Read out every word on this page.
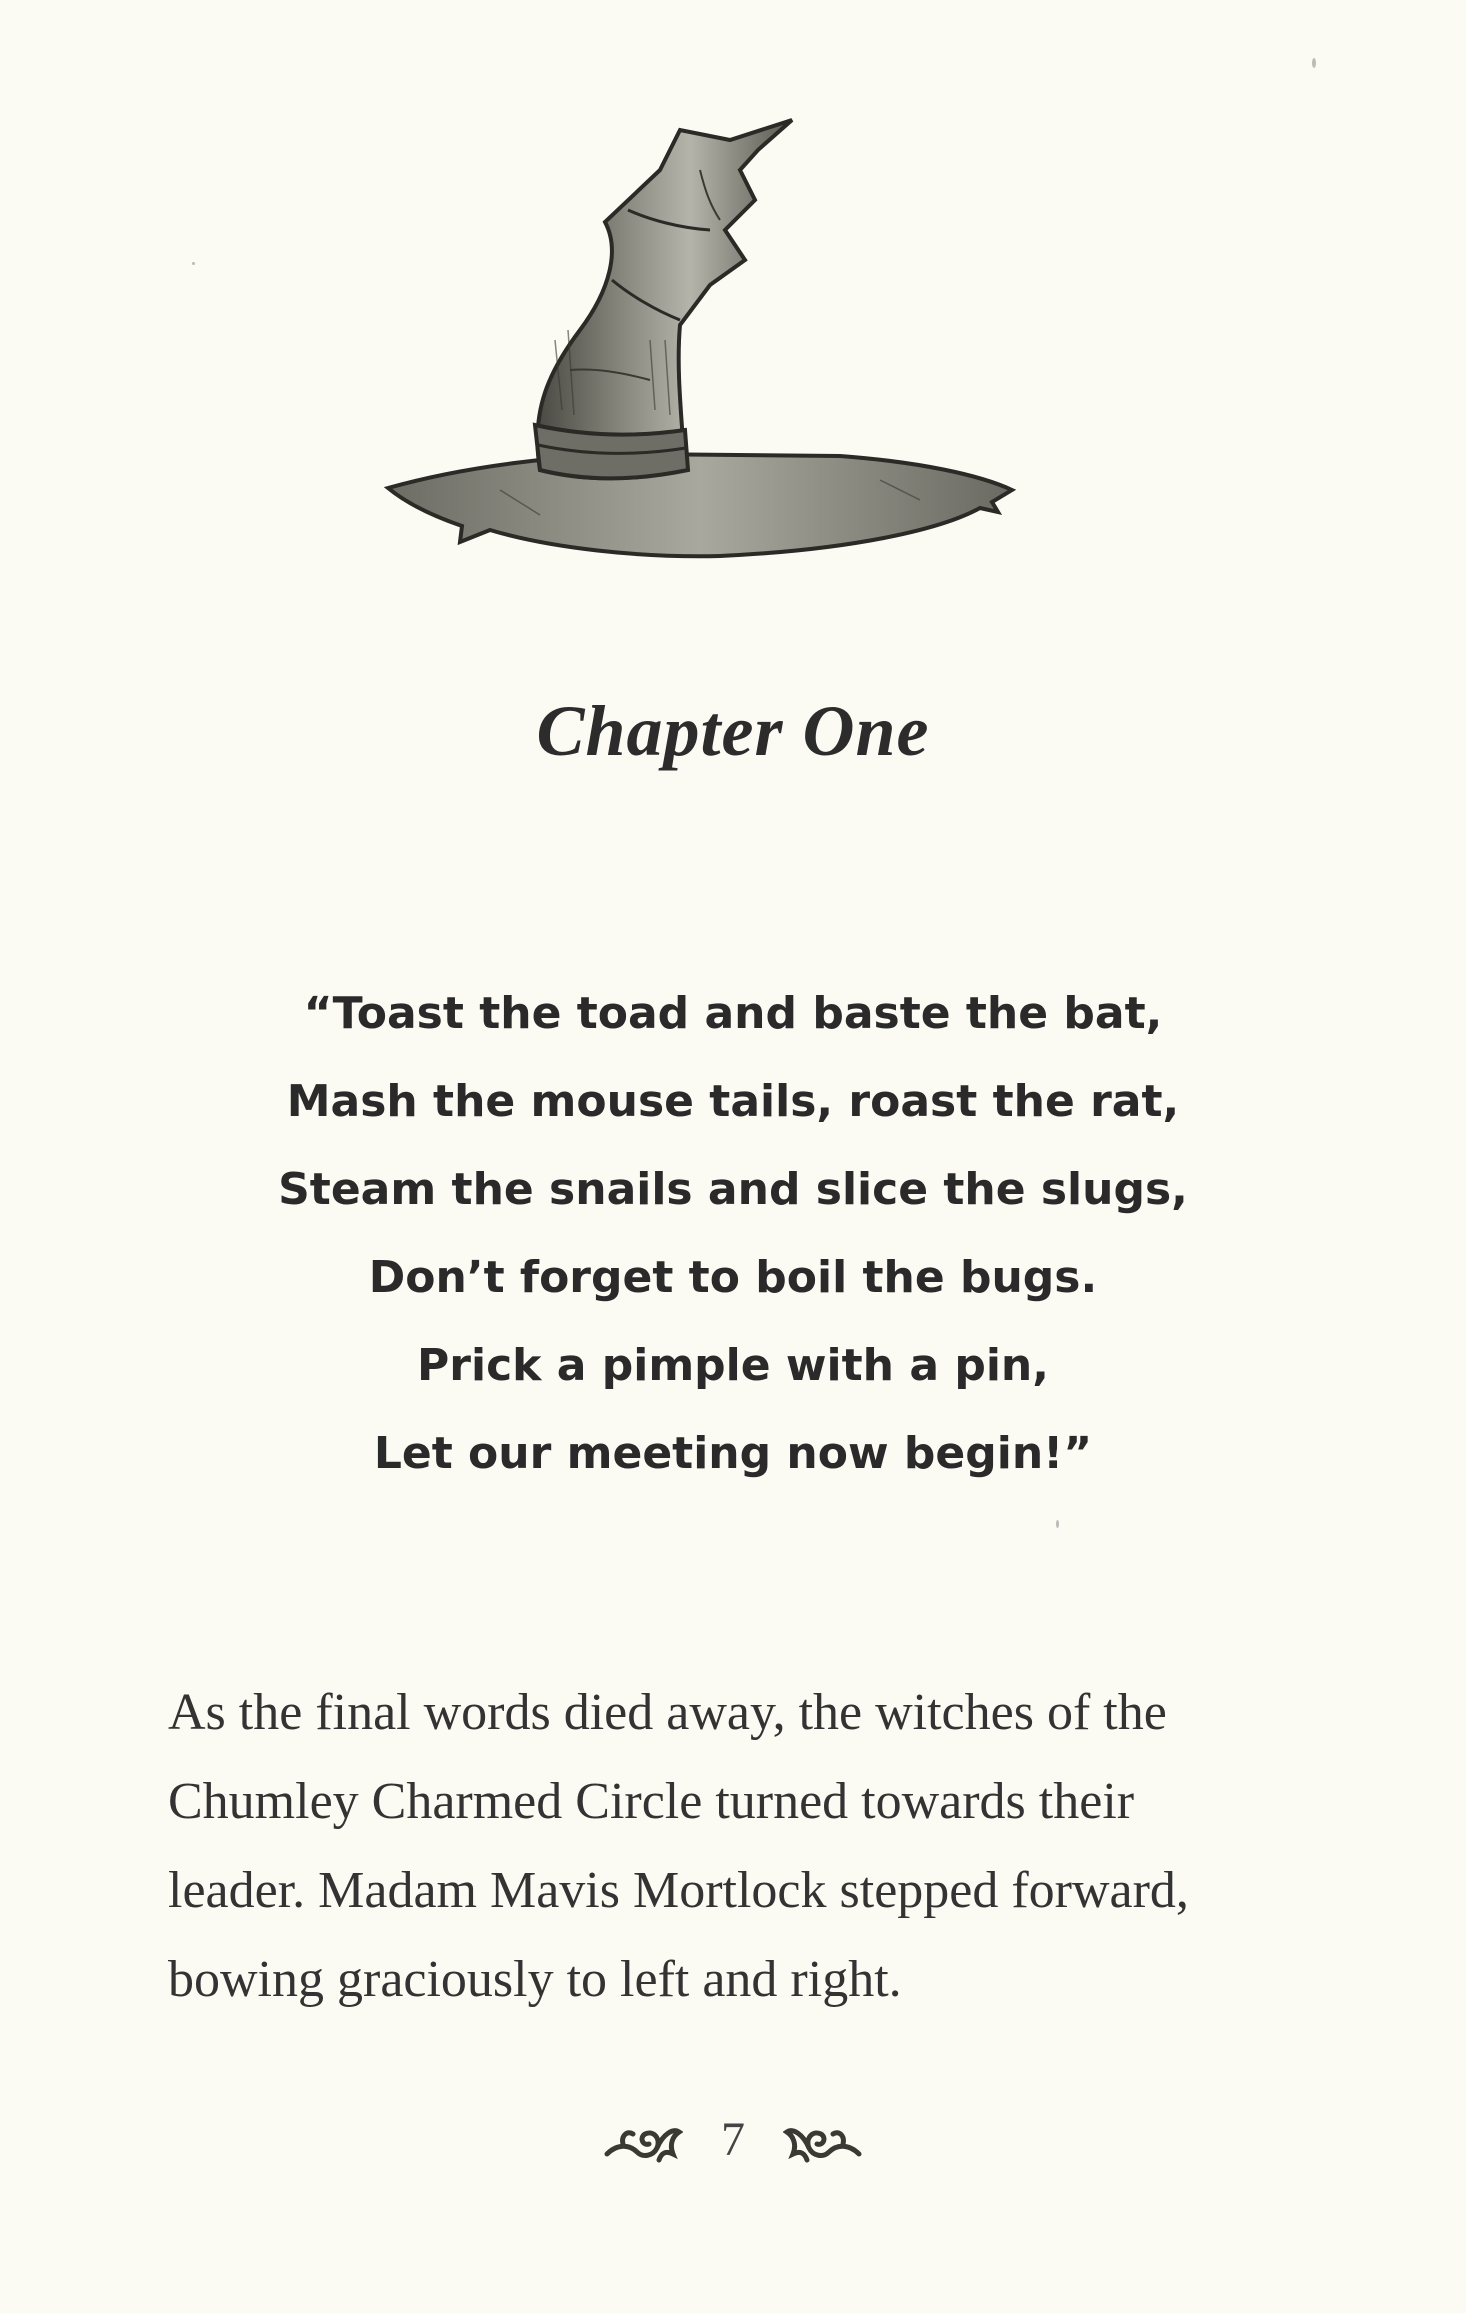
Chapter One
“Toast the toad and baste the bat,
Mash the mouse tails, roast the rat,
Steam the snails and slice the slugs,
Don’t forget to boil the bugs.
Prick a pimple with a pin,
Let our meeting now begin!”

As the final words died away, the witches of the
Chumley Charmed Circle turned towards their
leader. Madam Mavis Mortlock stepped forward,
bowing graciously to left and right.

7
